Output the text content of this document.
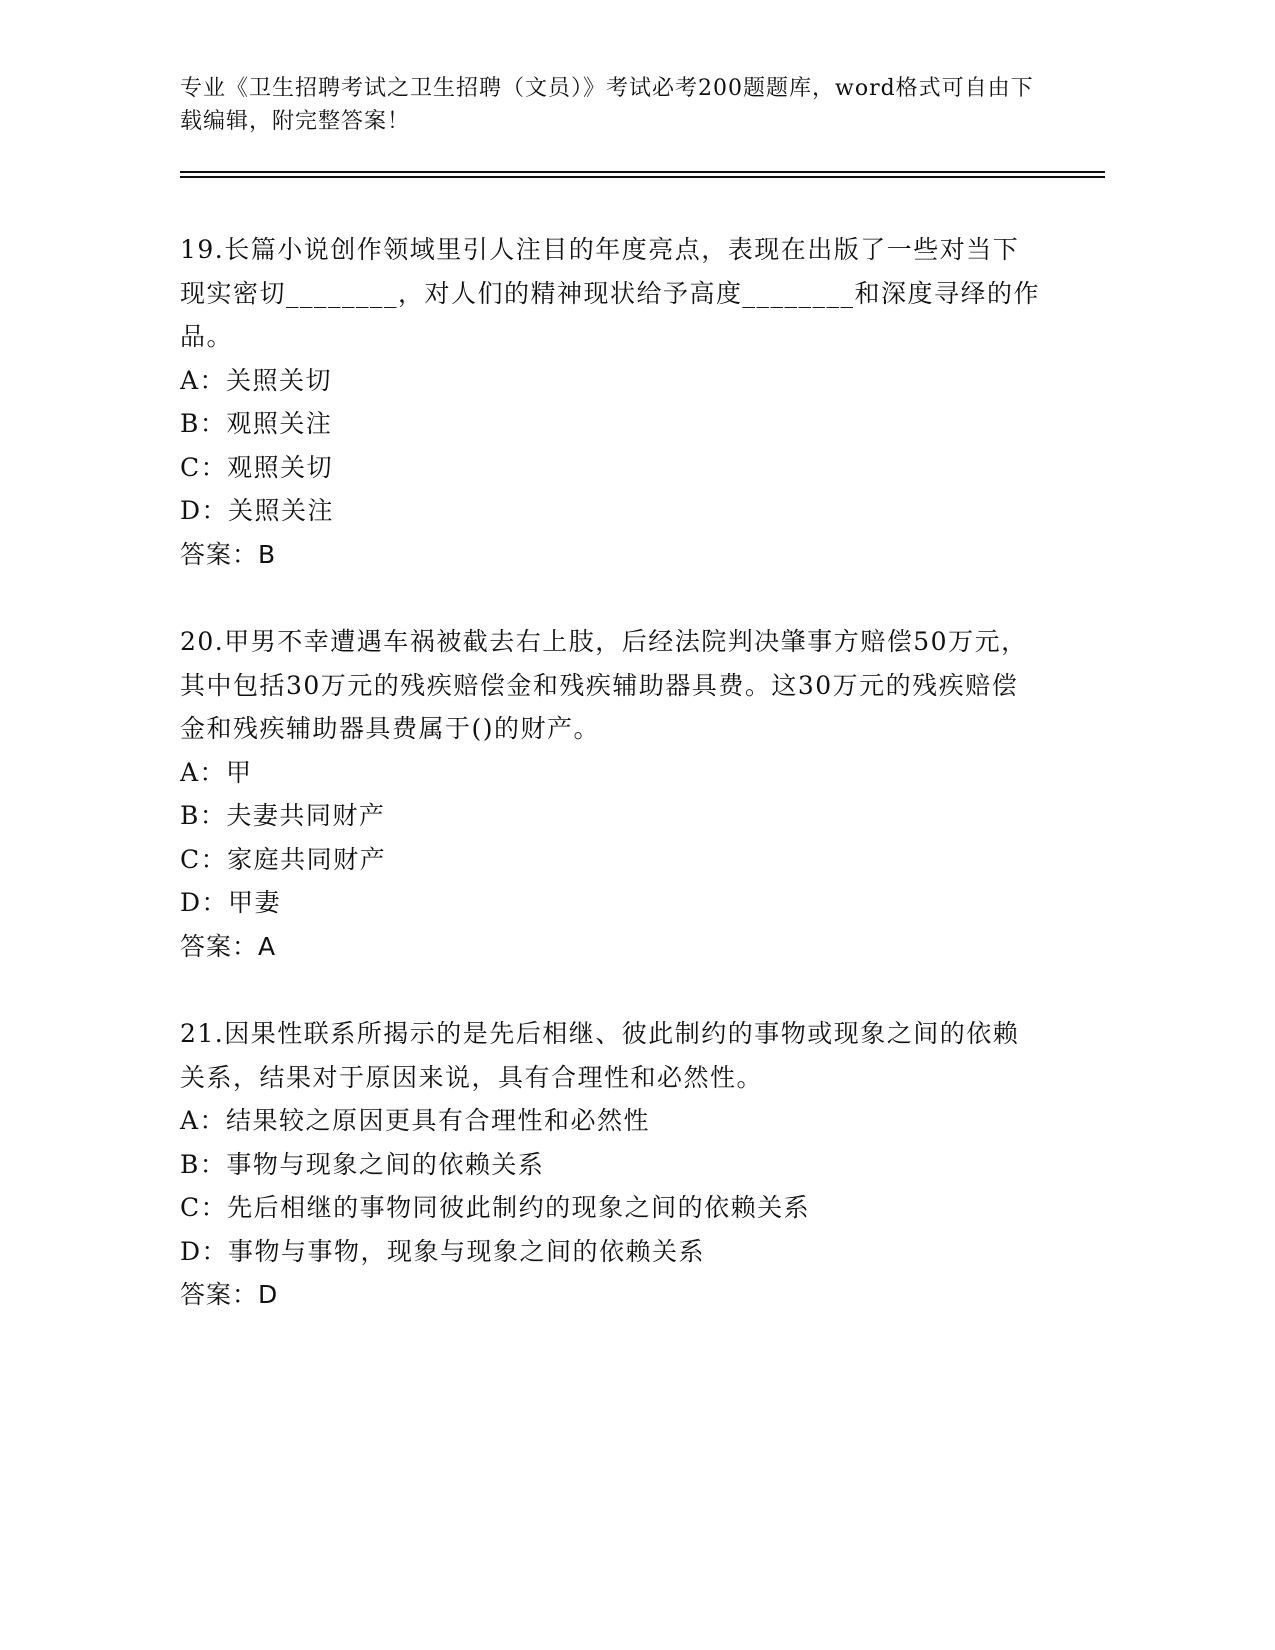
专业《卫生招聘考试之卫生招聘（文员）》考试必考200题题库，word格式可自由下载编辑，附完整答案！

19.长篇小说创作领域里引人注目的年度亮点，表现在出版了一些对当下现实密切________，对人们的精神现状给予高度________和深度寻绎的作品。

A：关照关切

B：观照关注

C：观照关切

D：关照关注

答案：B

20.甲男不幸遭遇车祸被截去右上肢，后经法院判决肇事方赔偿50万元，其中包括30万元的残疾赔偿金和残疾辅助器具费。这30万元的残疾赔偿金和残疾辅助器具费属于()的财产。

A：甲

B：夫妻共同财产

C：家庭共同财产

D：甲妻

答案：A

21.因果性联系所揭示的是先后相继、彼此制约的事物或现象之间的依赖关系，结果对于原因来说，具有合理性和必然性。

A：结果较之原因更具有合理性和必然性

B：事物与现象之间的依赖关系

C：先后相继的事物同彼此制约的现象之间的依赖关系

D：事物与事物，现象与现象之间的依赖关系

答案：D
